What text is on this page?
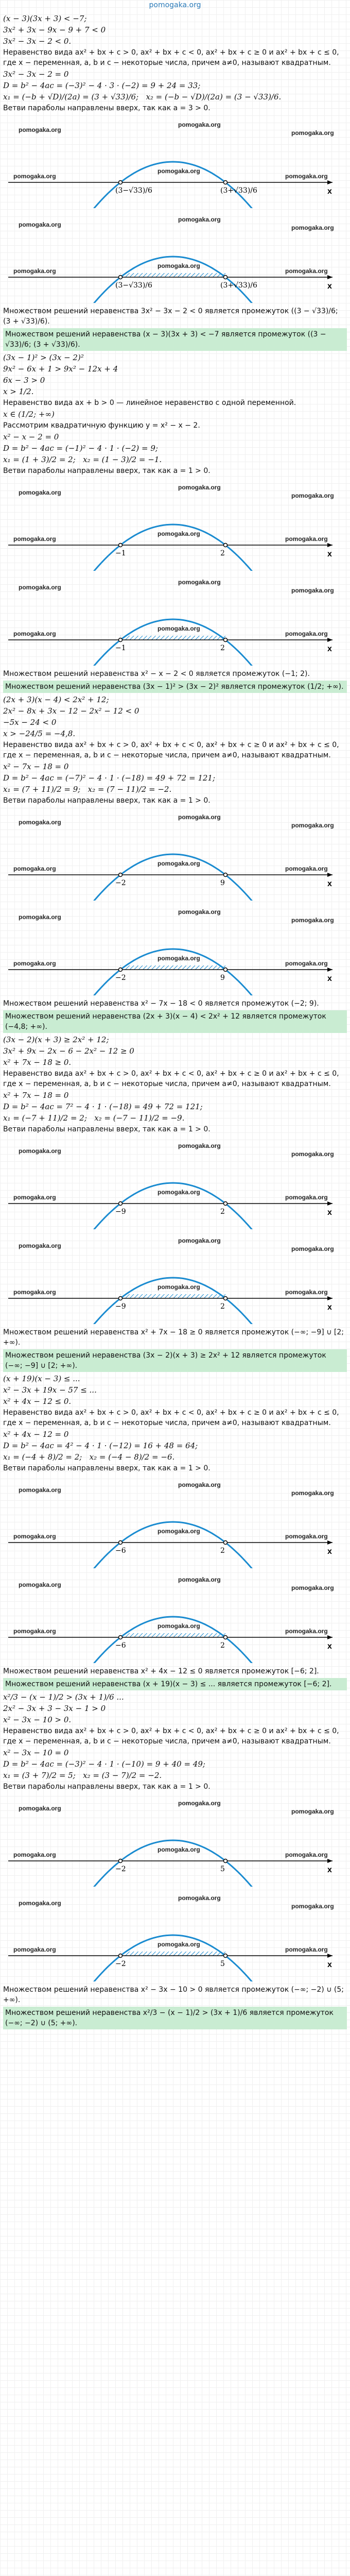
pomogaka.org
(x − 3)(3x + 3) < −7;
3x² + 3x − 9x − 9 + 7 < 0
3x² − 3x − 2 < 0.
Неравенство вида ax² + bx + c > 0, ax² + bx + c < 0, ax² + bx + c ≥ 0 и ax² + bx + c ≤ 0, где x − переменная, a, b и c − некоторые числа, причем a≠0, называют квадратным.
3x² − 3x − 2 = 0
D = b² − 4ac = (−3)² − 4 · 3 · (−2) = 9 + 24 = 33;
x₁ = (−b + √D)/(2a) = (3 + √33)/6;   x₂ = (−b − √D)/(2a) = (3 − √33)/6.
Ветви параболы направлены вверх, так как a = 3 > 0.
pomogaka.org
pomogaka.org
pomogaka.org
pomogaka.org
pomogaka.org
pomogaka.org
x
(3−√33)/6	(3+√33)/6
pomogaka.org
pomogaka.org
pomogaka.org
pomogaka.org
pomogaka.org
pomogaka.org
x
(3−√33)/6	(3+√33)/6
Множеством решений неравенства 3x² − 3x − 2 < 0 является промежуток ((3 − √33)/6; (3 + √33)/6).
Множеством решений неравенства (x − 3)(3x + 3) < −7 является промежуток ((3 − √33)/6; (3 + √33)/6).
(3x − 1)² > (3x − 2)²
9x² − 6x + 1 > 9x² − 12x + 4
6x − 3 > 0
x > 1/2.
Неравенство вида ax + b > 0 — линейное неравенство с одной переменной.
x ∈ (1/2; +∞)
Рассмотрим квадратичную функцию y = x² − x − 2.
x² − x − 2 = 0
D = b² − 4ac = (−1)² − 4 · 1 · (−2) = 9;
x₁ = (1 + 3)/2 = 2;   x₂ = (1 − 3)/2 = −1.
Ветви параболы направлены вверх, так как a = 1 > 0.
pomogaka.org
pomogaka.org
pomogaka.org
pomogaka.org
pomogaka.org
pomogaka.org
x
−1	2
pomogaka.org
pomogaka.org
pomogaka.org
pomogaka.org
pomogaka.org
pomogaka.org
x
−1	2
Множеством решений неравенства x² − x − 2 < 0 является промежуток (−1; 2).
Множеством решений неравенства (3x − 1)² > (3x − 2)² является промежуток (1/2; +∞).
(2x + 3)(x − 4) < 2x² + 12;
2x² − 8x + 3x − 12 − 2x² − 12 < 0
−5x − 24 < 0
x > −24/5 = −4,8.
Неравенство вида ax² + bx + c > 0, ax² + bx + c < 0, ax² + bx + c ≥ 0 и ax² + bx + c ≤ 0, где x − переменная, a, b и c − некоторые числа, причем a≠0, называют квадратным.
x² − 7x − 18 = 0
D = b² − 4ac = (−7)² − 4 · 1 · (−18) = 49 + 72 = 121;
x₁ = (7 + 11)/2 = 9;   x₂ = (7 − 11)/2 = −2.
Ветви параболы направлены вверх, так как a = 1 > 0.
pomogaka.org
pomogaka.org
pomogaka.org
pomogaka.org
pomogaka.org
pomogaka.org
x
−2	9
pomogaka.org
pomogaka.org
pomogaka.org
pomogaka.org
pomogaka.org
pomogaka.org
x
−2	9
Множеством решений неравенства x² − 7x − 18 < 0 является промежуток (−2; 9).
Множеством решений неравенства (2x + 3)(x − 4) < 2x² + 12 является промежуток (−4,8; +∞).
(3x − 2)(x + 3) ≥ 2x² + 12;
3x² + 9x − 2x − 6 − 2x² − 12 ≥ 0
x² + 7x − 18 ≥ 0.
Неравенство вида ax² + bx + c > 0, ax² + bx + c < 0, ax² + bx + c ≥ 0 и ax² + bx + c ≤ 0, где x − переменная, a, b и c − некоторые числа, причем a≠0, называют квадратным.
x² + 7x − 18 = 0
D = b² − 4ac = 7² − 4 · 1 · (−18) = 49 + 72 = 121;
x₁ = (−7 + 11)/2 = 2;   x₂ = (−7 − 11)/2 = −9.
Ветви параболы направлены вверх, так как a = 1 > 0.
pomogaka.org
pomogaka.org
pomogaka.org
pomogaka.org
pomogaka.org
pomogaka.org
x
−9	2
pomogaka.org
pomogaka.org
pomogaka.org
pomogaka.org
pomogaka.org
pomogaka.org
x
−9	2
Множеством решений неравенства x² + 7x − 18 ≥ 0 является промежуток (−∞; −9] ∪ [2; +∞).
Множеством решений неравенства (3x − 2)(x + 3) ≥ 2x² + 12 является промежуток (−∞; −9] ∪ [2; +∞).
(x + 19)(x − 3) ≤ ...
x² − 3x + 19x − 57 ≤ ...
x² + 4x − 12 ≤ 0.
Неравенство вида ax² + bx + c > 0, ax² + bx + c < 0, ax² + bx + c ≥ 0 и ax² + bx + c ≤ 0, где x − переменная, a, b и c − некоторые числа, причем a≠0, называют квадратным.
x² + 4x − 12 = 0
D = b² − 4ac = 4² − 4 · 1 · (−12) = 16 + 48 = 64;
x₁ = (−4 + 8)/2 = 2;   x₂ = (−4 − 8)/2 = −6.
Ветви параболы направлены вверх, так как a = 1 > 0.
pomogaka.org
pomogaka.org
pomogaka.org
pomogaka.org
pomogaka.org
pomogaka.org
x
−6	2
pomogaka.org
pomogaka.org
pomogaka.org
pomogaka.org
pomogaka.org
pomogaka.org
x
−6	2
Множеством решений неравенства x² + 4x − 12 ≤ 0 является промежуток [−6; 2].
Множеством решений неравенства (x + 19)(x − 3) ≤ ... является промежуток [−6; 2].
x²/3 − (x − 1)/2 > (3x + 1)/6 ...
2x² − 3x + 3 − 3x − 1 > 0
x² − 3x − 10 > 0.
Неравенство вида ax² + bx + c > 0, ax² + bx + c < 0, ax² + bx + c ≥ 0 и ax² + bx + c ≤ 0, где x − переменная, a, b и c − некоторые числа, причем a≠0, называют квадратным.
x² − 3x − 10 = 0
D = b² − 4ac = (−3)² − 4 · 1 · (−10) = 9 + 40 = 49;
x₁ = (3 + 7)/2 = 5;   x₂ = (3 − 7)/2 = −2.
Ветви параболы направлены вверх, так как a = 1 > 0.
pomogaka.org
pomogaka.org
pomogaka.org
pomogaka.org
pomogaka.org
pomogaka.org
x
−2	5
pomogaka.org
pomogaka.org
pomogaka.org
pomogaka.org
pomogaka.org
pomogaka.org
x
−2	5
Множеством решений неравенства x² − 3x − 10 > 0 является промежуток (−∞; −2) ∪ (5; +∞).
Множеством решений неравенства x²/3 − (x − 1)/2 > (3x + 1)/6 является промежуток (−∞; −2) ∪ (5; +∞).
